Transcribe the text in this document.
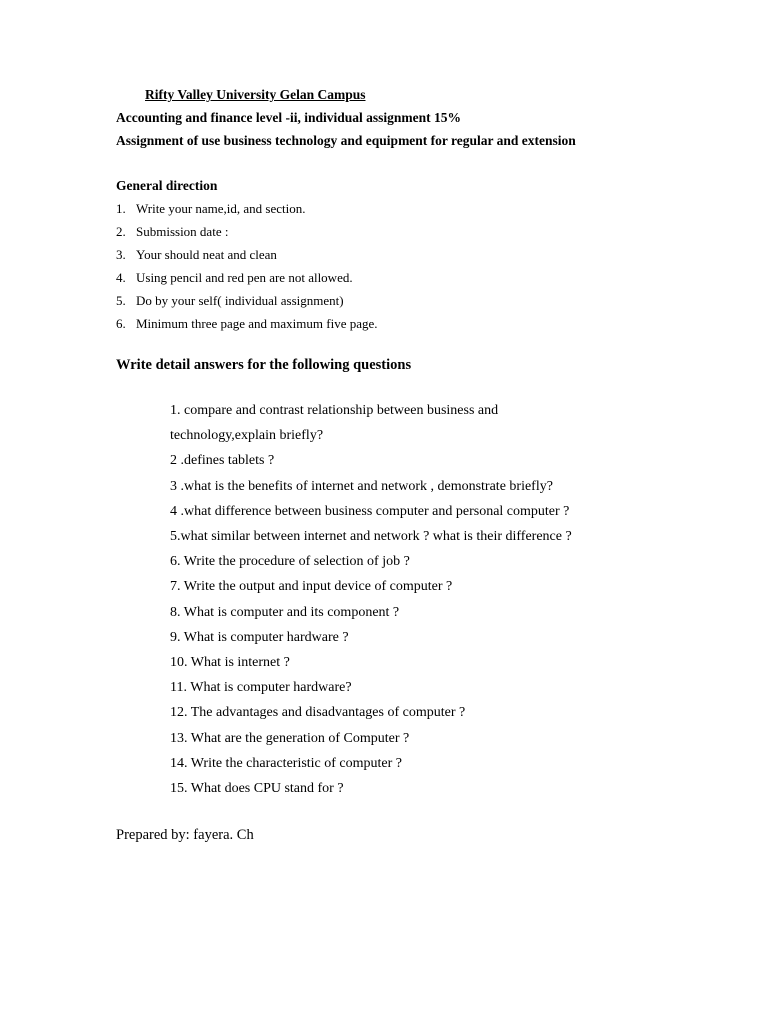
Rifty Valley University Gelan Campus
Accounting and finance level -ii, individual assignment 15%
Assignment of use business technology and equipment for regular and extension
General direction
1. Write your name,id, and section.
2. Submission date :
3. Your should neat and clean
4. Using pencil and red pen are not allowed.
5. Do by your self( individual assignment)
6. Minimum three page and maximum five page.
Write detail answers for the following questions
1. compare and contrast relationship between business and
technology,explain briefly?
2 .defines tablets ?
3 .what is the benefits of internet and network , demonstrate briefly?
4 .what difference between business computer and personal computer ?
5.what similar between internet and network ? what is their difference ?
6. Write the procedure of selection of job ?
7. Write the output and input device of computer ?
8. What is computer and its component ?
9. What is computer hardware ?
10. What is internet ?
11. What is computer hardware?
12. The advantages and disadvantages of computer ?
13. What are the generation of Computer ?
14. Write the characteristic of computer ?
15. What does CPU stand for ?
Prepared by: fayera. Ch
